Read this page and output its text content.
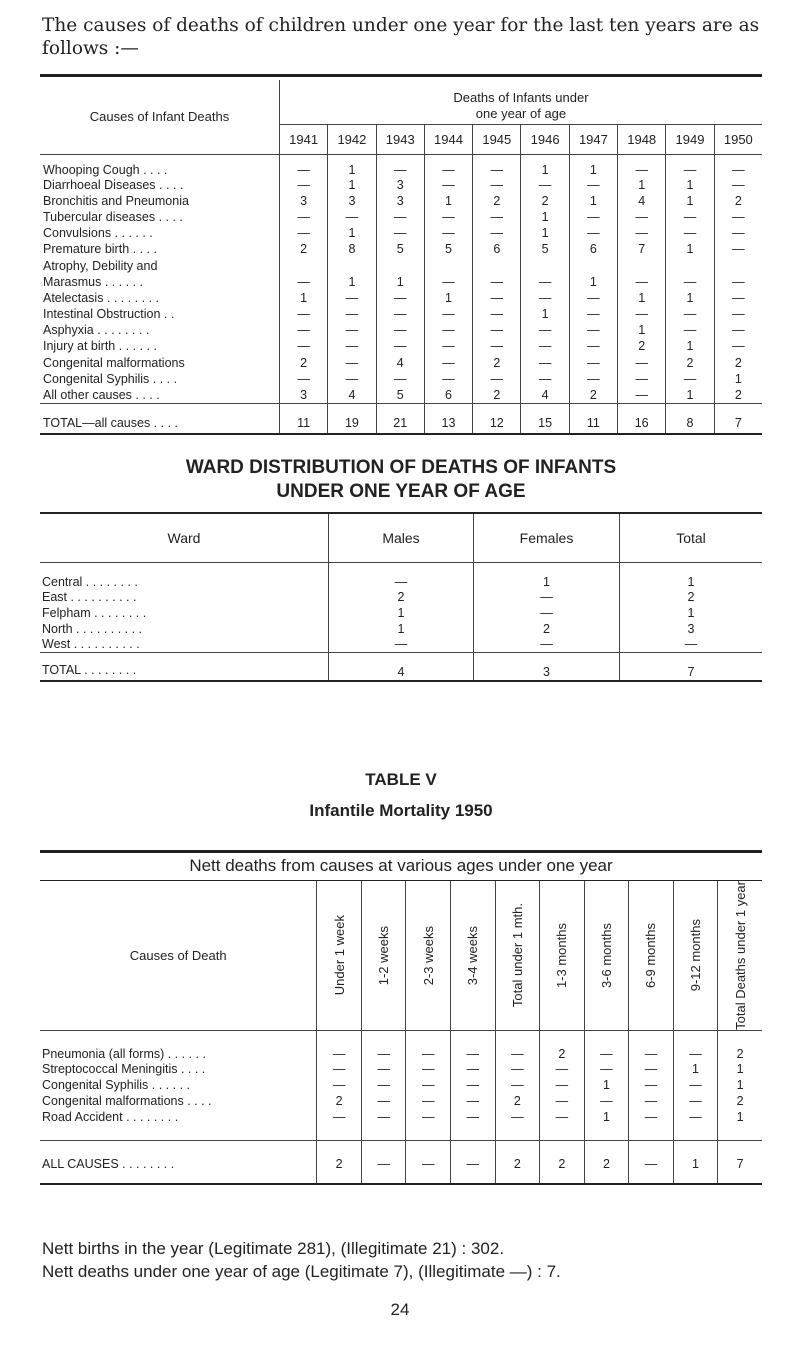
The causes of deaths of children under one year for the last ten years are as follows :—
Causes of Infant Deaths	Deaths of Infants under one year of age									
	1941	1942	1943	1944	1945	1946	1947	1948	1949	1950
Whooping Cough . . . .	—	1	—	—	—	1	1	—	—	—
Diarrhoeal Diseases . . . .	—	1	3	—	—	—	—	1	1	—
Bronchitis and Pneumonia	3	3	3	1	2	2	1	4	1	2
Tubercular diseases . . . .	—	—	—	—	—	1	—	—	—	—
Convulsions . . . . . .	—	1	—	—	—	1	—	—	—	—
Premature birth . . . .	2	8	5	5	6	5	6	7	1	—
Atrophy, Debility and										
Marasmus . . . . . .	—	1	1	—	—	—	1	—	—	—
Atelectasis . . . . . . . .	1	—	—	1	—	—	—	1	1	—
Intestinal Obstruction . .	—	—	—	—	—	1	—	—	—	—
Asphyxia . . . . . . . .	—	—	—	—	—	—	—	1	—	—
Injury at birth . . . . . .	—	—	—	—	—	—	—	2	1	—
Congenital malformations	2	—	4	—	2	—	—	—	2	2
Congenital Syphilis . . . .	—	—	—	—	—	—	—	—	—	1
All other causes . . . .	3	4	5	6	2	4	2	—	1	2
TOTAL—all causes . . . .	11	19	21	13	12	15	11	16	8	7
WARD DISTRIBUTION OF DEATHS OF INFANTS
UNDER ONE YEAR OF AGE
Ward	Males	Females	Total
Central . . . . . . . .	—	1	1
East . . . . . . . . . .	2	—	2
Felpham . . . . . . . .	1	—	1
North . . . . . . . . . .	1	2	3
West . . . . . . . . . .	—	—	—
TOTAL . . . . . . . .	4	3	7
TABLE V
Infantile Mortality 1950
Nett deaths from causes at various ages under one year
Causes of Death	Under 1 week	1-2 weeks	2-3 weeks	3-4 weeks	Total under 1 mth.	1-3 months	3-6 months	6-9 months	9-12 months	Total Deaths under 1 year

Pneumonia (all forms) . . . . . .	—	—	—	—	—	2	—	—	—	2
Streptococcal Meningitis . . . .	—	—	—	—	—	—	—	—	1	1
Congenital Syphilis . . . . . .	—	—	—	—	—	—	1	—	—	1
Congenital malformations . . . .	2	—	—	—	2	—	—	—	—	2
Road Accident . . . . . . . .	—	—	—	—	—	—	1	—	—	1

ALL CAUSES . . . . . . . .	2	—	—	—	2	2	2	—	1	7
Nett births in the year (Legitimate 281), (Illegitimate 21) : 302.
Nett deaths under one year of age (Legitimate 7), (Illegitimate —) : 7.
24
